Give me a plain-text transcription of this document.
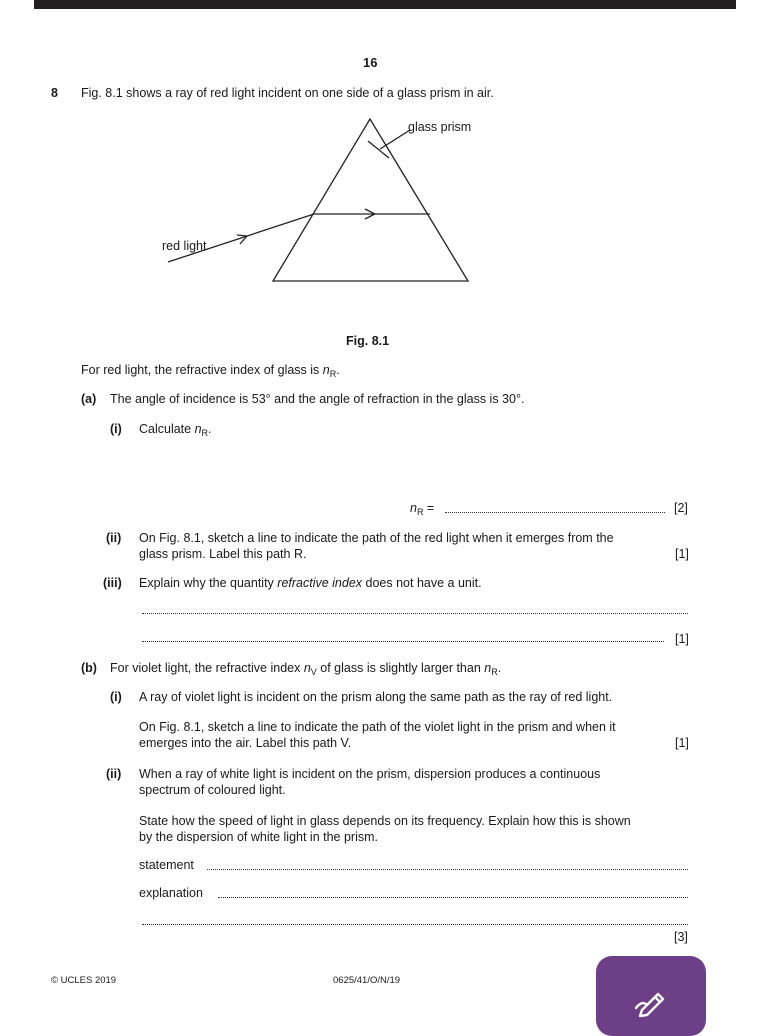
16
8 Fig. 8.1 shows a ray of red light incident on one side of a glass prism in air.
glass prism
red light
Fig. 8.1
For red light, the refractive index of glass is $n_R$.
(a) The angle of incidence is 53° and the angle of refraction in the glass is 30°.
(i) Calculate $n_R$.
$n_R$ =	[2]
(ii) On Fig. 8.1, sketch a line to indicate the path of the red light when it emerges from the
glass prism. Label this path R.	[1]
(iii) Explain why the quantity refractive index does not have a unit.
[1]
(b) For violet light, the refractive index $n_V$ of glass is slightly larger than $n_R$.
(i) A ray of violet light is incident on the prism along the same path as the ray of red light.
On Fig. 8.1, sketch a line to indicate the path of the violet light in the prism and when it
emerges into the air. Label this path V.	[1]
(ii) When a ray of white light is incident on the prism, dispersion produces a continuous
spectrum of coloured light.
State how the speed of light in glass depends on its frequency. Explain how this is shown
by the dispersion of white light in the prism.
statement
explanation
[3]
© UCLES 2019	0625/41/O/N/19
